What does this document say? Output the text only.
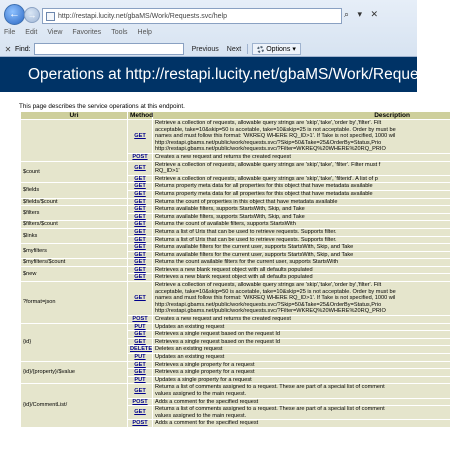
← →	http://restapi.lucity.net/gbaMS/Work/Requests.svc/help	⌕ ▾ ✕
File Edit View Favorites Tools Help
✕ Find:	Previous Next	Options ▾
Operations at http://restapi.lucity.net/gbaMS/Work/Requests.svc
This page describes the service operations at this endpoint.
Uri	Method	Description
	GET	Retrieve a collection of requests, allowable query strings are 'skip','take','order by','filter'. Filt
acceptable, take=10&skip=50 is accetable, take=10&skip=25 is not acceptable. Order by must be
names and must follow this format: 'WKREQ WHERE RQ_ID>1'. If Take is not specified, 1000 wil
http://restapi.gbams.net/public/work/requests.svc/?Skip=50&Take=25&OrderBy=Status,Prio
http://restapi.gbams.net/public/work/requests.svc/?Filter=WKREQ%20WHERE%20RQ_PRIO

	POST	Creates a new request and returns the created request

$count	GET	Retrieve a collection of requests, allowable query strings are 'skip','take', 'filter'. Filter must f
RQ_ID>1'

	GET	Retrieve a collection of requests, allowable query strings are 'skip','take', 'filterid'. A list of p

$fields	GET	Returns property meta data for all properties for this object that have metadata available

	GET	Returns property meta data for all properties for this object that have metadata available

$fields/$count	GET	Returns the count of properties in this object that have metadata available

$filters	GET	Returns available filters, supports StartsWith, Skip, and Take

	GET	Returns available filters, supports StartsWith, Skip, and Take

$filters/$count	GET	Returns the count of available filters, supports StartsWith

$links	GET	Returns a list of Uris that can be used to retrieve requests. Supports filter.

	GET	Returns a list of Uris that can be used to retrieve requests. Supports filter.

$myfilters	GET	Returns available filters for the current user, supports StartsWith, Skip, and Take

	GET	Returns available filters for the current user, supports StartsWith, Skip, and Take

$myfilters/$count	GET	Returns the count available filters for the current user, supports StartsWith

$new	GET	Retrieves a new blank request object with all defaults populated

	GET	Retrieves a new blank request object with all defaults populated

?format=json	GET	Retrieve a collection of requests, allowable query strings are 'skip','take','order by','filter'. Filt
acceptable, take=10&skip=50 is accetable, take=10&skip=25 is not acceptable. Order by must be
names and must follow this format: 'WKREQ WHERE RQ_ID>1'. If Take is not specified, 1000 wil
http://restapi.gbams.net/public/work/requests.svc/?Skip=50&Take=25&OrderBy=Status,Prio
http://restapi.gbams.net/public/work/requests.svc/?Filter=WKREQ%20WHERE%20RQ_PRIO

	POST	Creates a new request and returns the created request

{id}	PUT	Updates an existing request

	GET	Retrieves a single request based on the request Id

	GET	Retrieves a single request based on the request Id

	DELETE	Deletes an existing request

	PUT	Updates an existing request

{id}/{property}/$value	GET	Retrieves a single property for a request

	GET	Retrieves a single property for a request

	PUT	Updates a single property for a request

{id}/CommentList/	GET	Returns a list of comments assigned to a request. These are part of a special list of comment
values assigned to the main request.

	POST	Adds a comment for the specified request

	GET	Returns a list of comments assigned to a request. These are part of a special list of comment
values assigned to the main request.

	POST	Adds a comment for the specified request
